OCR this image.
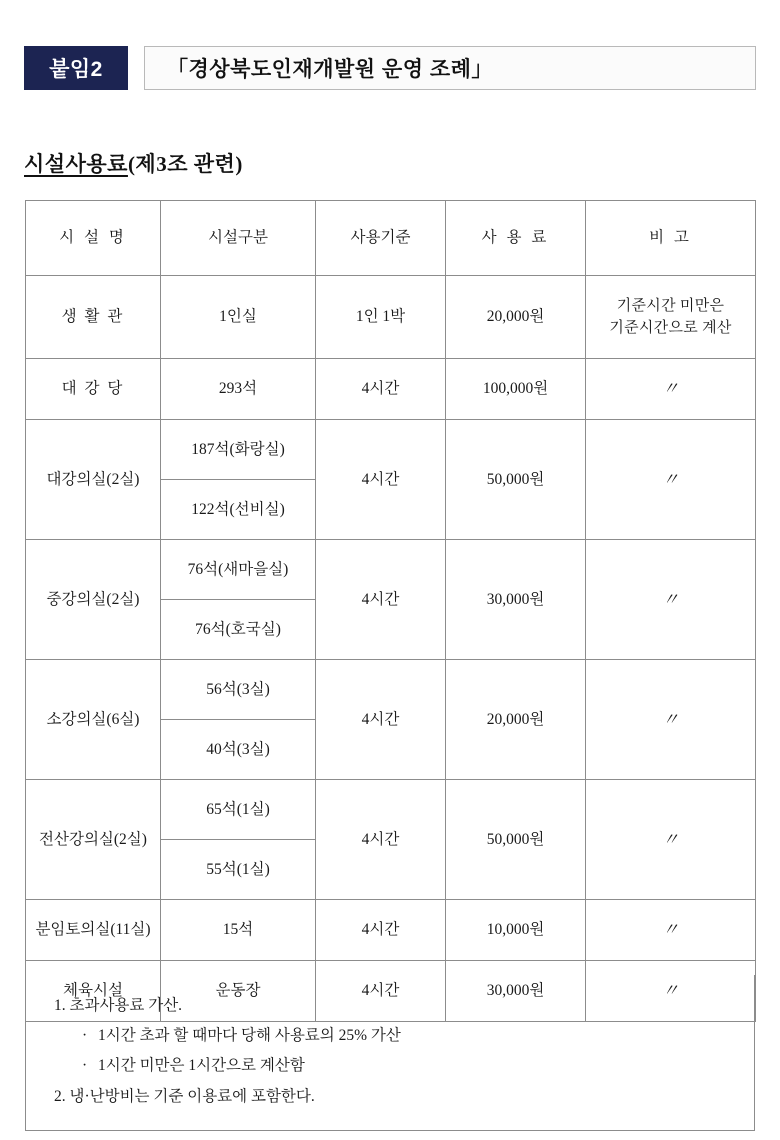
붙임2	「경상북도인재개발원 운영 조례」
시설사용료(제3조 관련)
시 설 명	시설구분	사용기준	사 용 료	비 고
생 활 관	1인실	1인 1박	20,000원	기준시간 미만은
기준시간으로 계산
대 강 당	293석	4시간	100,000원	〃
대강의실(2실)	187석(화랑실)	4시간	50,000원	〃
	122석(선비실)			
중강의실(2실)	76석(새마을실)	4시간	30,000원	〃
	76석(호국실)			
소강의실(6실)	56석(3실)	4시간	20,000원	〃
	40석(3실)			
전산강의실(2실)	65석(1실)	4시간	50,000원	〃
	55석(1실)			
분임토의실(11실)	15석	4시간	10,000원	〃
체육시설	운동장	4시간	30,000원	〃
1. 초과사용료 가산.
· 1시간 초과 할 때마다 당해 사용료의 25% 가산
· 1시간 미만은 1시간으로 계산함
2. 냉·난방비는 기준 이용료에 포함한다.
